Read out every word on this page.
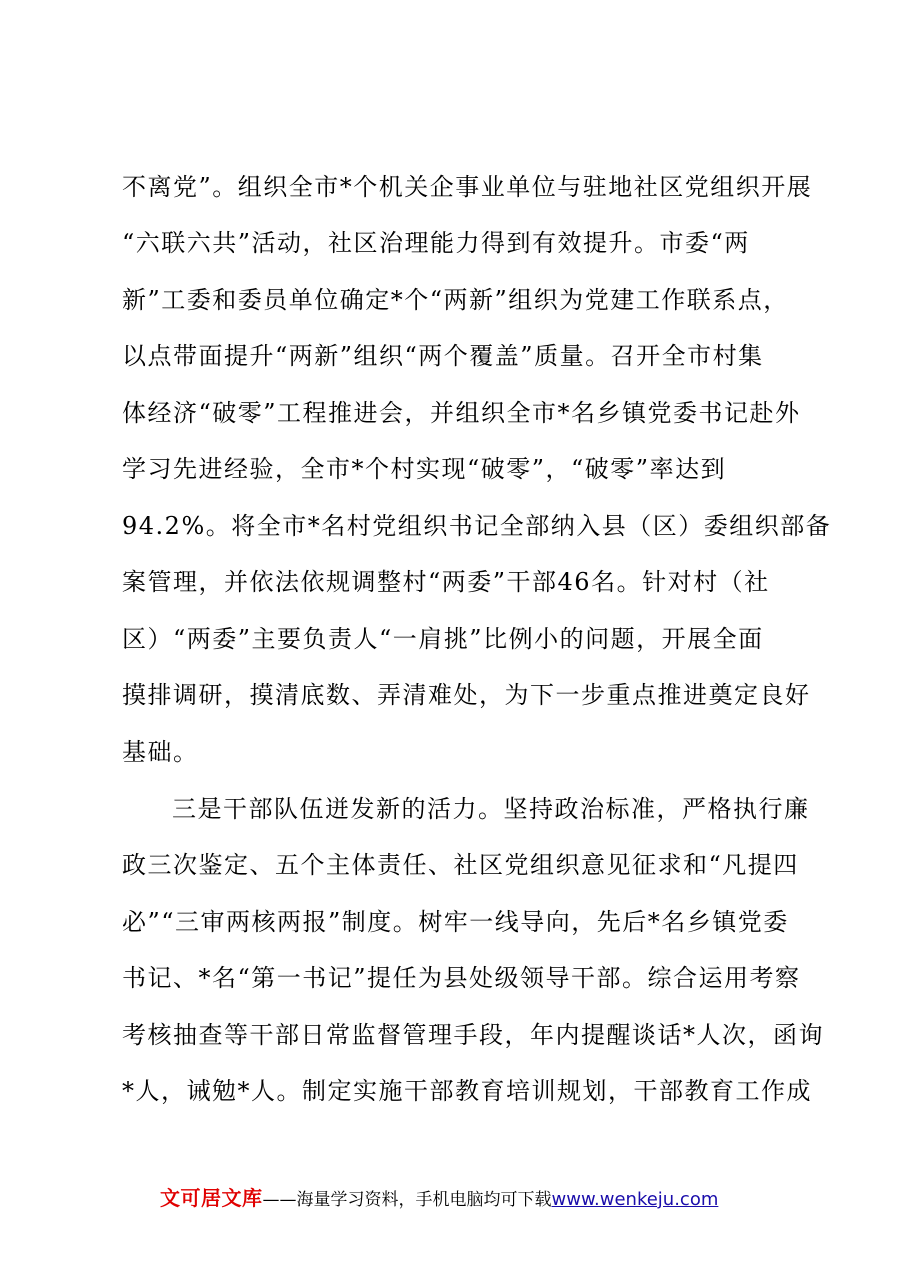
不离党”。组织全市*个机关企事业单位与驻地社区党组织开展
“六联六共”活动，社区治理能力得到有效提升。市委“两
新”工委和委员单位确定*个“两新”组织为党建工作联系点，
以点带面提升“两新”组织“两个覆盖”质量。召开全市村集
体经济“破零”工程推进会，并组织全市*名乡镇党委书记赴外
学习先进经验，全市*个村实现“破零”，“破零”率达到
94.2%。将全市*名村党组织书记全部纳入县（区）委组织部备
案管理，并依法依规调整村“两委”干部46名。针对村（社
区）“两委”主要负责人“一肩挑”比例小的问题，开展全面
摸排调研，摸清底数、弄清难处，为下一步重点推进奠定良好
基础。
三是干部队伍迸发新的活力。坚持政治标准，严格执行廉
政三次鉴定、五个主体责任、社区党组织意见征求和“凡提四
必”“三审两核两报”制度。树牢一线导向，先后*名乡镇党委
书记、*名“第一书记”提任为县处级领导干部。综合运用考察
考核抽查等干部日常监督管理手段，年内提醒谈话*人次，函询
*人，诫勉*人。制定实施干部教育培训规划，干部教育工作成
文可居文库——海量学习资料，手机电脑均可下载www.wenkeju.com
